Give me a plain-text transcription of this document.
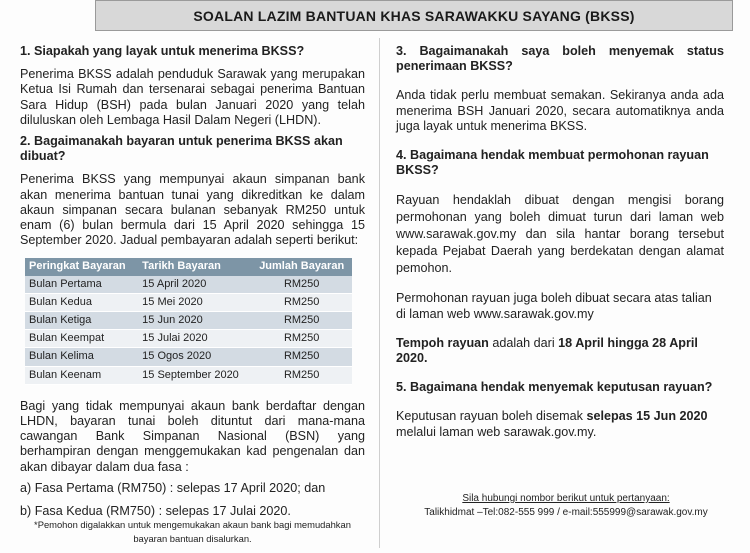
SOALAN LAZIM BANTUAN KHAS SARAWAKKU SAYANG (BKSS)

1. Siapakah yang layak untuk menerima BKSS?

Penerima BKSS adalah penduduk Sarawak yang merupakan Ketua Isi Rumah dan tersenarai sebagai penerima Bantuan Sara Hidup (BSH) pada bulan Januari 2020 yang telah diluluskan oleh Lembaga Hasil Dalam Negeri (LHDN).

2. Bagaimanakah bayaran untuk penerima BKSS akan dibuat?

Penerima BKSS yang mempunyai akaun simpanan bank akan menerima bantuan tunai yang dikreditkan ke dalam akaun simpanan secara bulanan sebanyak RM250 untuk enam (6) bulan bermula dari 15 April 2020 sehingga 15 September 2020. Jadual pembayaran adalah seperti berikut:

Peringkat Bayaran	Tarikh Bayaran	Jumlah Bayaran
Bulan Pertama	15 April 2020	RM250
Bulan Kedua	15 Mei 2020	RM250
Bulan Ketiga	15 Jun 2020	RM250
Bulan Keempat	15 Julai 2020	RM250
Bulan Kelima	15 Ogos 2020	RM250
Bulan Keenam	15 September 2020	RM250

Bagi yang tidak mempunyai akaun bank berdaftar dengan LHDN, bayaran tunai boleh dituntut dari mana-mana cawangan Bank Simpanan Nasional (BSN) yang berhampiran dengan menggemukakan kad pengenalan dan akan dibayar dalam dua fasa :

a) Fasa Pertama (RM750) : selepas 17 April 2020; dan

b) Fasa Kedua (RM750) : selepas 17 Julai 2020.

*Pemohon digalakkan untuk mengemukakan akaun bank bagi memudahkan bayaran bantuan disalurkan.

3. Bagaimanakah saya boleh menyemak status penerimaan BKSS?

Anda tidak perlu membuat semakan. Sekiranya anda ada menerima BSH Januari 2020, secara automatiknya anda juga layak untuk menerima BKSS.

4. Bagaimana hendak membuat permohonan rayuan BKSS?

Rayuan hendaklah dibuat dengan mengisi borang permohonan yang boleh dimuat turun dari laman web www.sarawak.gov.my dan sila hantar borang tersebut kepada Pejabat Daerah yang berdekatan dengan alamat pemohon.

Permohonan rayuan juga boleh dibuat secara atas talian di laman web www.sarawak.gov.my

Tempoh rayuan adalah dari 18 April hingga 28 April 2020.

5. Bagaimana hendak menyemak keputusan rayuan?

Keputusan rayuan boleh disemak selepas 15 Jun 2020 melalui laman web sarawak.gov.my.

Sila hubungi nombor berikut untuk pertanyaan:
Talikhidmat –Tel:082-555 999 / e-mail:555999@sarawak.gov.my
